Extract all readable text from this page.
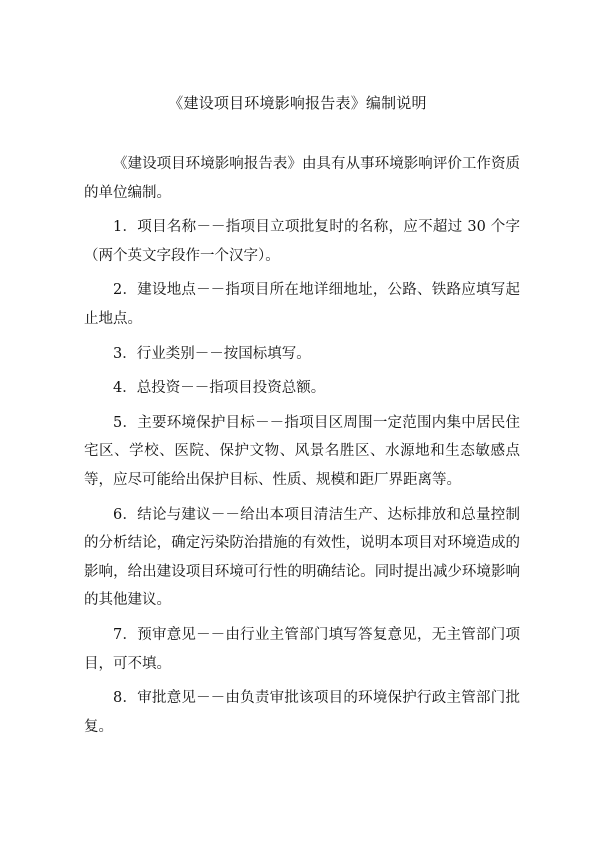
《建设项目环境影响报告表》编制说明

《建设项目环境影响报告表》由具有从事环境影响评价工作资质的单位编制。

1．项目名称－－指项目立项批复时的名称，应不超过 30 个字（两个英文字段作一个汉字）。

2．建设地点－－指项目所在地详细地址，公路、铁路应填写起止地点。

3．行业类别－－按国标填写。

4．总投资－－指项目投资总额。

5．主要环境保护目标－－指项目区周围一定范围内集中居民住宅区、学校、医院、保护文物、风景名胜区、水源地和生态敏感点等，应尽可能给出保护目标、性质、规模和距厂界距离等。

6．结论与建议－－给出本项目清洁生产、达标排放和总量控制的分析结论，确定污染防治措施的有效性，说明本项目对环境造成的影响，给出建设项目环境可行性的明确结论。同时提出减少环境影响的其他建议。

7．预审意见－－由行业主管部门填写答复意见，无主管部门项目，可不填。

8．审批意见－－由负责审批该项目的环境保护行政主管部门批复。
